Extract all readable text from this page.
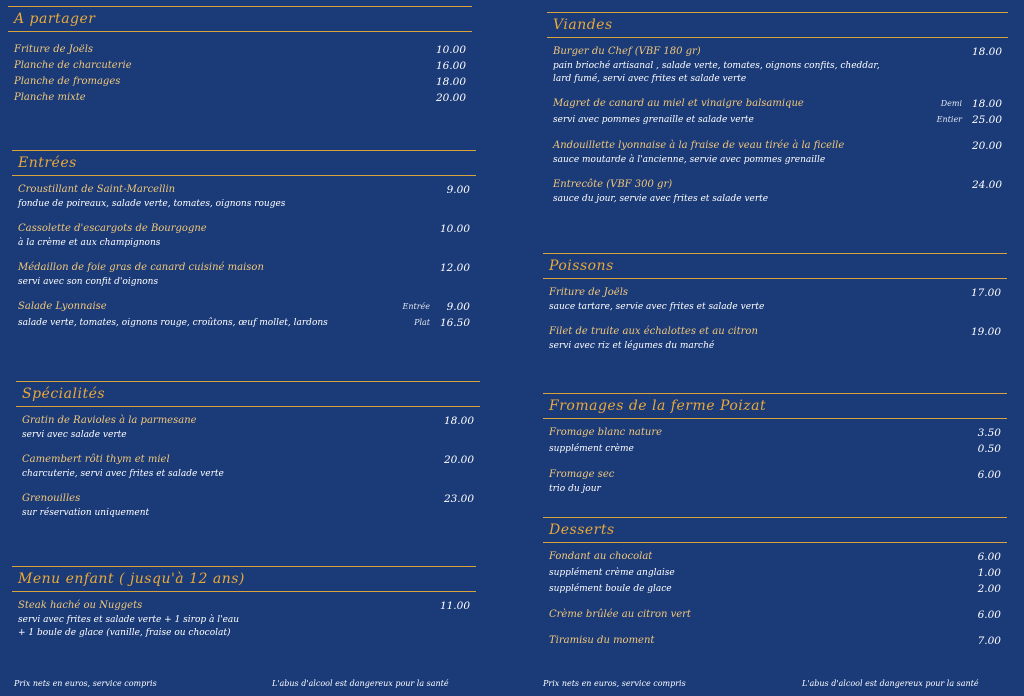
A partager
Friture de Joëls	10.00
Planche de charcuterie	16.00
Planche de fromages	18.00
Planche mixte	20.00
Entrées
Croustillant de Saint-Marcellin	9.00
fondue de poireaux, salade verte, tomates, oignons rouges
Cassolette d'escargots de Bourgogne	10.00
à la crème et aux champignons
Médaillon de foie gras de canard cuisiné maison	12.00
servi avec son confit d'oignons
Salade Lyonnaise	Entrée 9.00
salade verte, tomates, oignons rouge, croûtons, œuf mollet, lardons	Plat 16.50
Spécialités
Gratin de Ravioles à la parmesane	18.00
servi avec salade verte
Camembert rôti thym et miel	20.00
charcuterie, servi avec frites et salade verte
Grenouilles	23.00
sur réservation uniquement
Menu enfant ( jusqu'à 12 ans)
Steak haché ou Nuggets	11.00
servi avec frites et salade verte + 1 sirop à l'eau
+ 1 boule de glace (vanille, fraise ou chocolat)
Prix nets en euros, service compris	L'abus d'alcool est dangereux pour la santé
Viandes
Burger du Chef (VBF 180 gr)	18.00
pain brioché artisanal , salade verte, tomates, oignons confits, cheddar,
lard fumé, servi avec frites et salade verte
Magret de canard au miel et vinaigre balsamique	Demi 18.00
servi avec pommes grenaille et salade verte	Entier 25.00
Andouillette lyonnaise à la fraise de veau tirée à la ficelle	20.00
sauce moutarde à l'ancienne, servie avec pommes grenaille
Entrecôte (VBF 300 gr)	24.00
sauce du jour, servie avec frites et salade verte
Poissons
Friture de Joëls	17.00
sauce tartare, servie avec frites et salade verte
Filet de truite aux échalottes et au citron	19.00
servi avec riz et légumes du marché
Fromages de la ferme Poizat
Fromage blanc nature	3.50
supplément crème	0.50
Fromage sec	6.00
trio du jour
Desserts
Fondant au chocolat	6.00
supplément crème anglaise	1.00
supplément boule de glace	2.00
Crème brûlée au citron vert	6.00
Tiramisu du moment	7.00
Prix nets en euros, service compris	L'abus d'alcool est dangereux pour la santé
